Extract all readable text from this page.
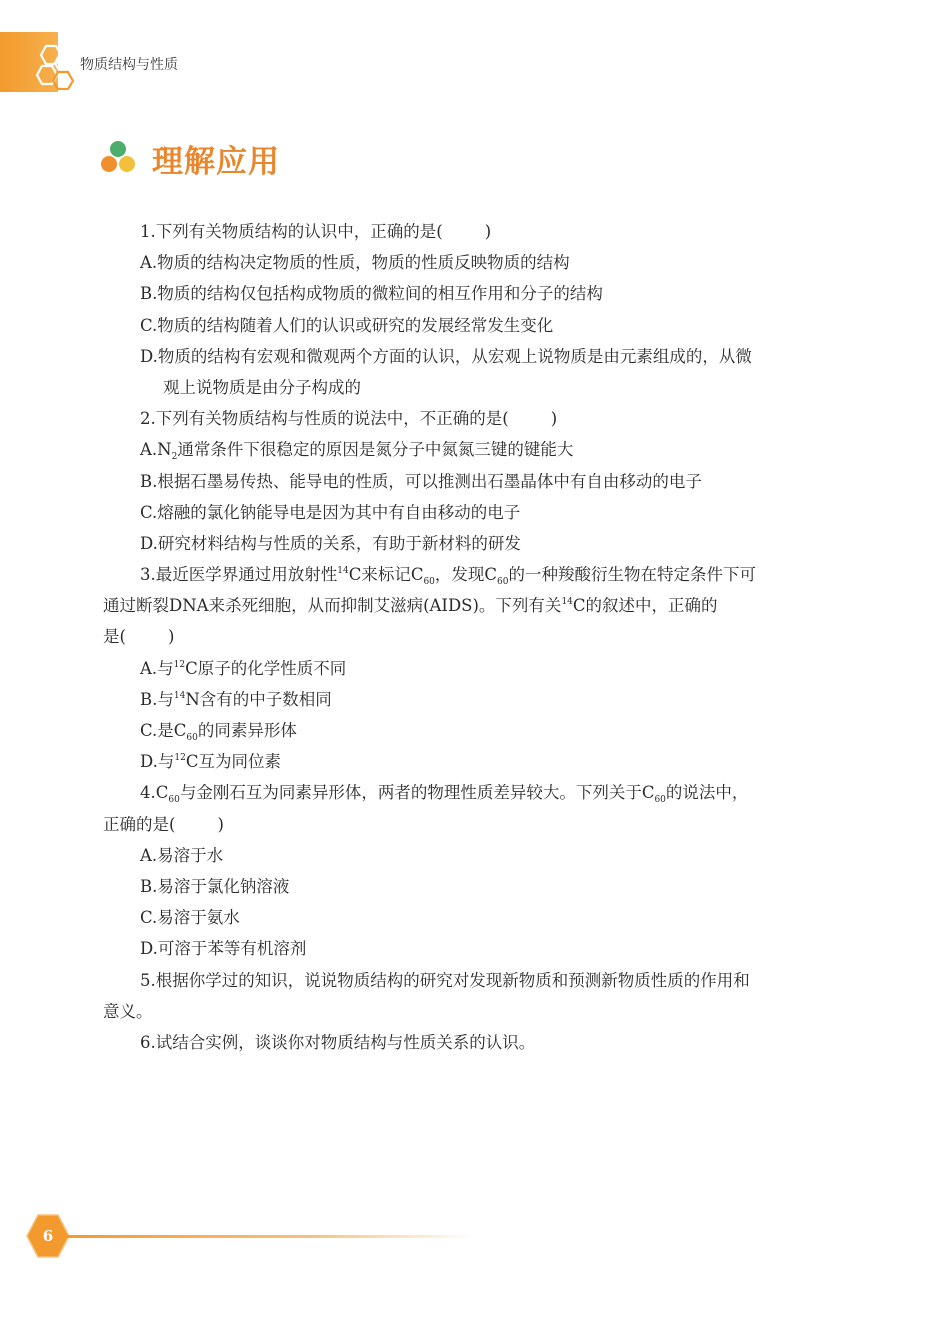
物质结构与性质
理解应用
1.下列有关物质结构的认识中，正确的是(	)
A.物质的结构决定物质的性质，物质的性质反映物质的结构
B.物质的结构仅包括构成物质的微粒间的相互作用和分子的结构
C.物质的结构随着人们的认识或研究的发展经常发生变化
D.物质的结构有宏观和微观两个方面的认识，从宏观上说物质是由元素组成的，从微
观上说物质是由分子构成的
2.下列有关物质结构与性质的说法中，不正确的是(	)
$A.N_2$通常条件下很稳定的原因是氮分子中氮氮三键的键能大
B.根据石墨易传热、能导电的性质，可以推测出石墨晶体中有自由移动的电子
C.熔融的氯化钠能导电是因为其中有自由移动的电子
D.研究材料结构与性质的关系，有助于新材料的研发
3.最近医学界通过用放射性$^{14}$C来标记$C_{60}$，发现$C_{60}$的一种羧酸衍生物在特定条件下可
通过断裂DNA来杀死细胞，从而抑制艾滋病(AIDS)。下列有关$^{14}$C的叙述中，正确的
是(	)
A.与$^{12}$C原子的化学性质不同
B.与$^{14}$N含有的中子数相同
C.是$C_{60}$的同素异形体
D.与$^{12}$C互为同位素
$4.C_{60}$与金刚石互为同素异形体，两者的物理性质差异较大。下列关于$C_{60}$的说法中，
正确的是(	)
A.易溶于水
B.易溶于氯化钠溶液
C.易溶于氨水
D.可溶于苯等有机溶剂
5.根据你学过的知识，说说物质结构的研究对发现新物质和预测新物质性质的作用和
意义。
6.试结合实例，谈谈你对物质结构与性质关系的认识。
6
